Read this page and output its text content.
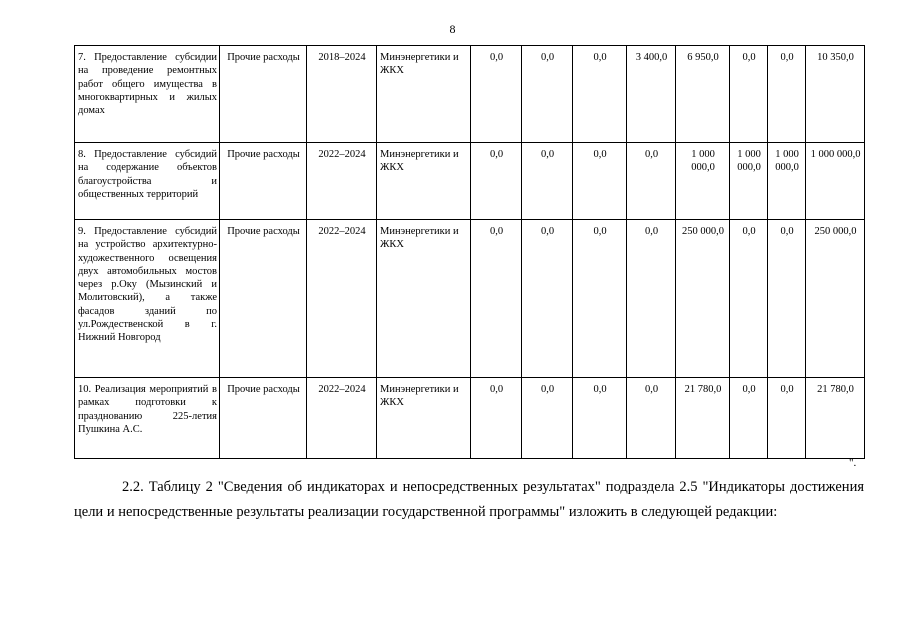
8
7. Предоставление субсидии на проведение ремонтных работ общего имущества в многоквартирных и жилых домах	Прочие расходы	2018–2024	Минэнергетики и ЖКХ	0,0	0,0	0,0	3 400,0	6 950,0	0,0	0,0	10 350,0
8. Предоставление субсидий на содержание объектов благоустройства и общественных территорий	Прочие расходы	2022–2024	Минэнергетики и ЖКХ	0,0	0,0	0,0	0,0	1 000 000,0	1 000 000,0	1 000 000,0	1 000 000,0
9. Предоставление субсидий на устройство архитектурно-художественного освещения двух автомобильных мостов через р.Оку (Мызинский и Молитовский), а также фасадов зданий по ул.Рождественской в г. Нижний Новгород	Прочие расходы	2022–2024	Минэнергетики и ЖКХ	0,0	0,0	0,0	0,0	250 000,0	0,0	0,0	250 000,0
10. Реализация мероприятий в рамках подготовки к празднованию 225-летия Пушкина А.С.	Прочие расходы	2022–2024	Минэнергетики и ЖКХ	0,0	0,0	0,0	0,0	21 780,0	0,0	0,0	21 780,0
".
2.2. Таблицу 2 "Сведения об индикаторах и непосредственных результатах" подраздела 2.5 "Индикаторы достижения цели и непосредственные результаты реализации государственной программы" изложить в следующей редакции:
